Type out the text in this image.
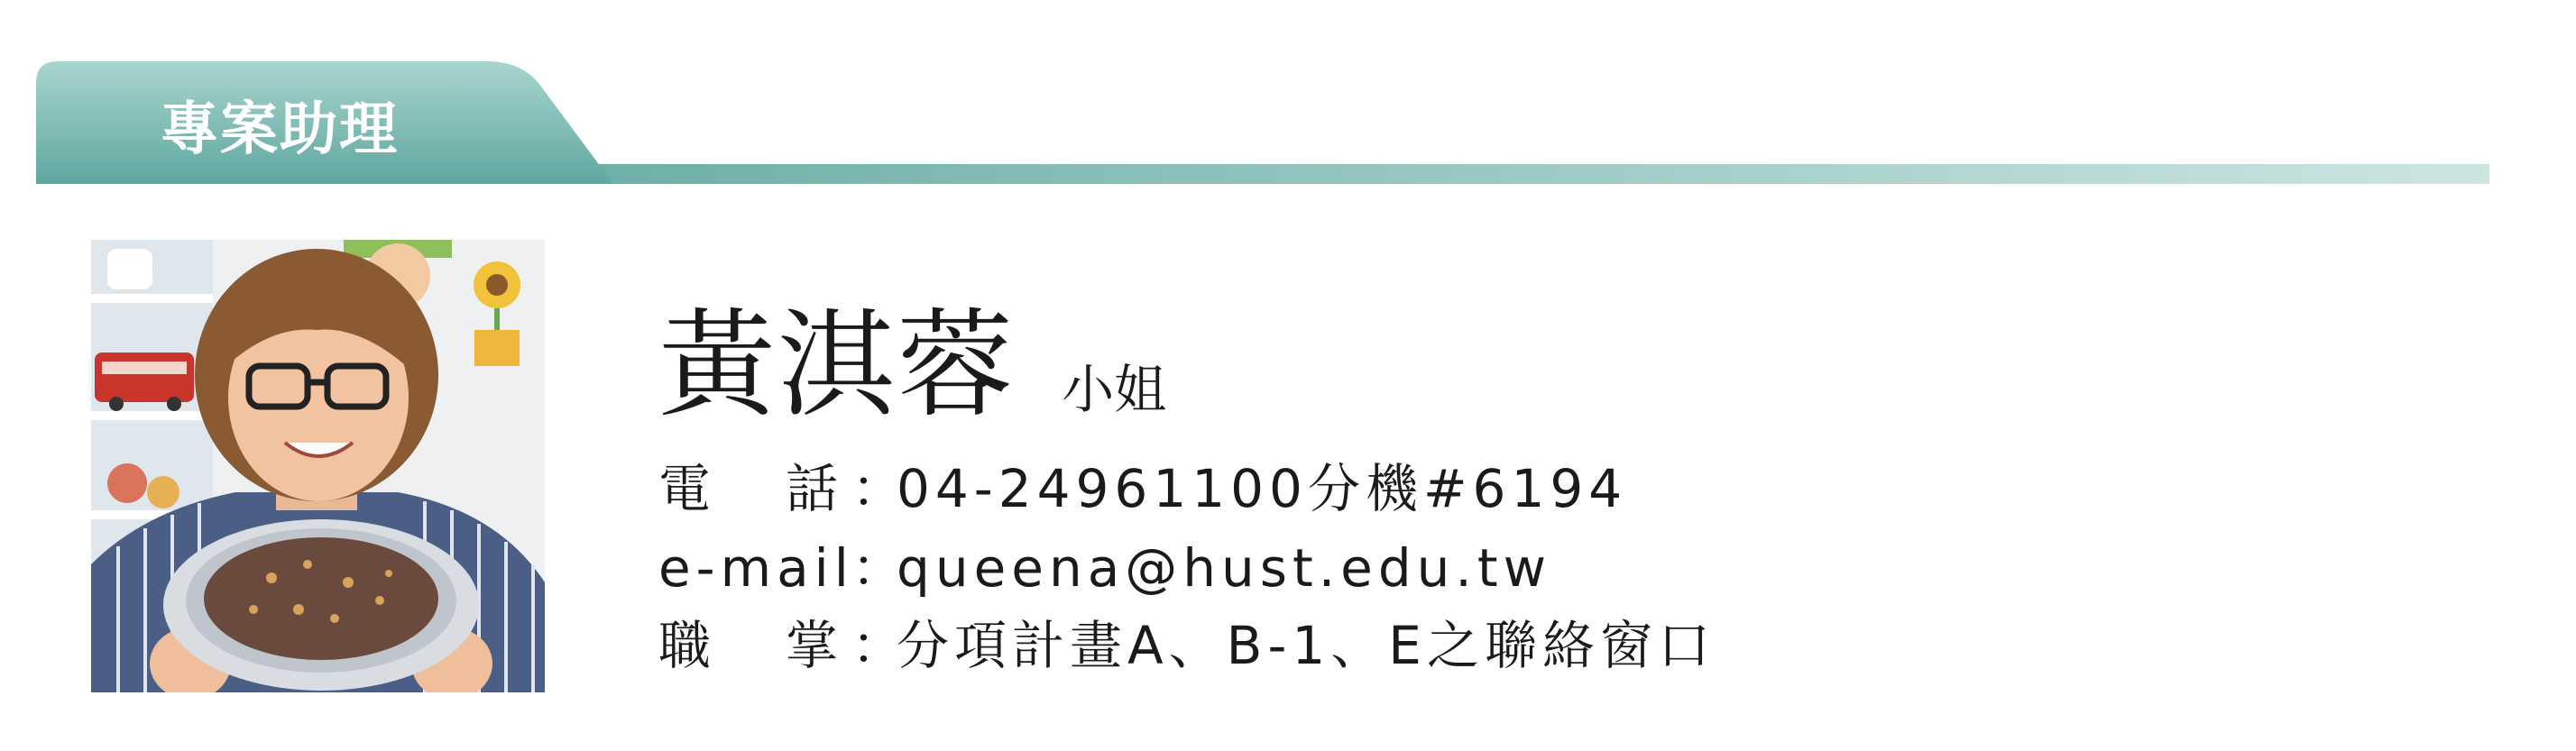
專案助理
黃淇蓉 小姐
電 話 ：04-24961100分機#6194
e-mail：queena@hust.edu.tw
職 掌 ：分項計畫A、B-1、E之聯絡窗口
